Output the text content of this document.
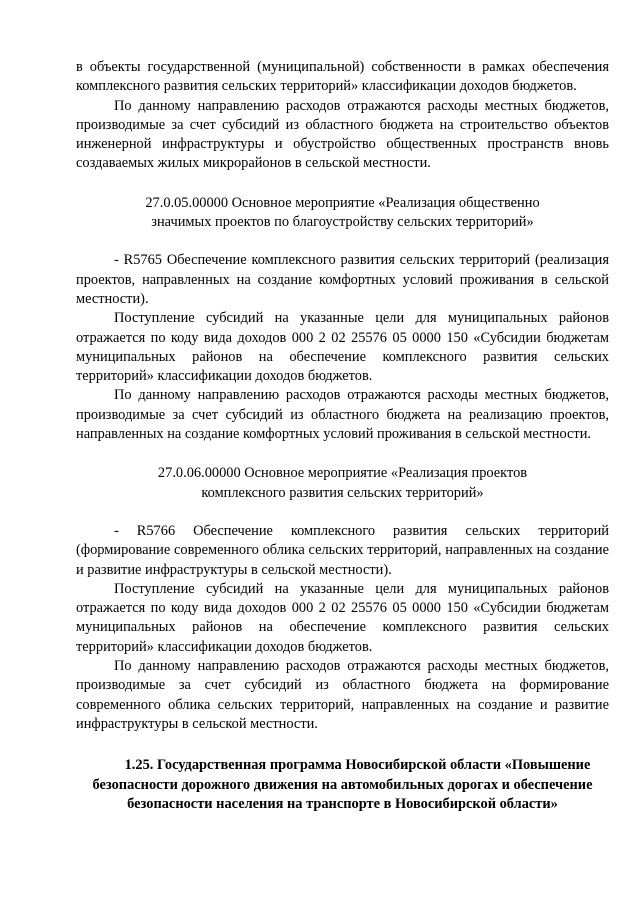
в объекты государственной (муниципальной) собственности в рамках обеспечения комплексного развития сельских территорий» классификации доходов бюджетов.

По данному направлению расходов отражаются расходы местных бюджетов, производимые за счет субсидий из областного бюджета на строительство объектов инженерной инфраструктуры и обустройство общественных пространств вновь создаваемых жилых микрорайонов в сельской местности.

27.0.05.00000 Основное мероприятие «Реализация общественно

значимых проектов по благоустройству сельских территорий»

- R5765 Обеспечение комплексного развития сельских территорий (реализация проектов, направленных на создание комфортных условий проживания в сельской местности).

Поступление субсидий на указанные цели для муниципальных районов отражается по коду вида доходов 000 2 02 25576 05 0000 150 «Субсидии бюджетам муниципальных районов на обеспечение комплексного развития сельских территорий» классификации доходов бюджетов.

По данному направлению расходов отражаются расходы местных бюджетов, производимые за счет субсидий из областного бюджета на реализацию проектов, направленных на создание комфортных условий проживания в сельской местности.

27.0.06.00000 Основное мероприятие «Реализация проектов

комплексного развития сельских территорий»

- R5766 Обеспечение комплексного развития сельских территорий (формирование современного облика сельских территорий, направленных на создание и развитие инфраструктуры в сельской местности).

Поступление субсидий на указанные цели для муниципальных районов отражается по коду вида доходов 000 2 02 25576 05 0000 150 «Субсидии бюджетам муниципальных районов на обеспечение комплексного развития сельских территорий» классификации доходов бюджетов.

По данному направлению расходов отражаются расходы местных бюджетов, производимые за счет субсидий из областного бюджета на формирование современного облика сельских территорий, направленных на создание и развитие инфраструктуры в сельской местности.

1.25. Государственная программа Новосибирской области «Повышение безопасности дорожного движения на автомобильных дорогах и обеспечение безопасности населения на транспорте в Новосибирской области»
